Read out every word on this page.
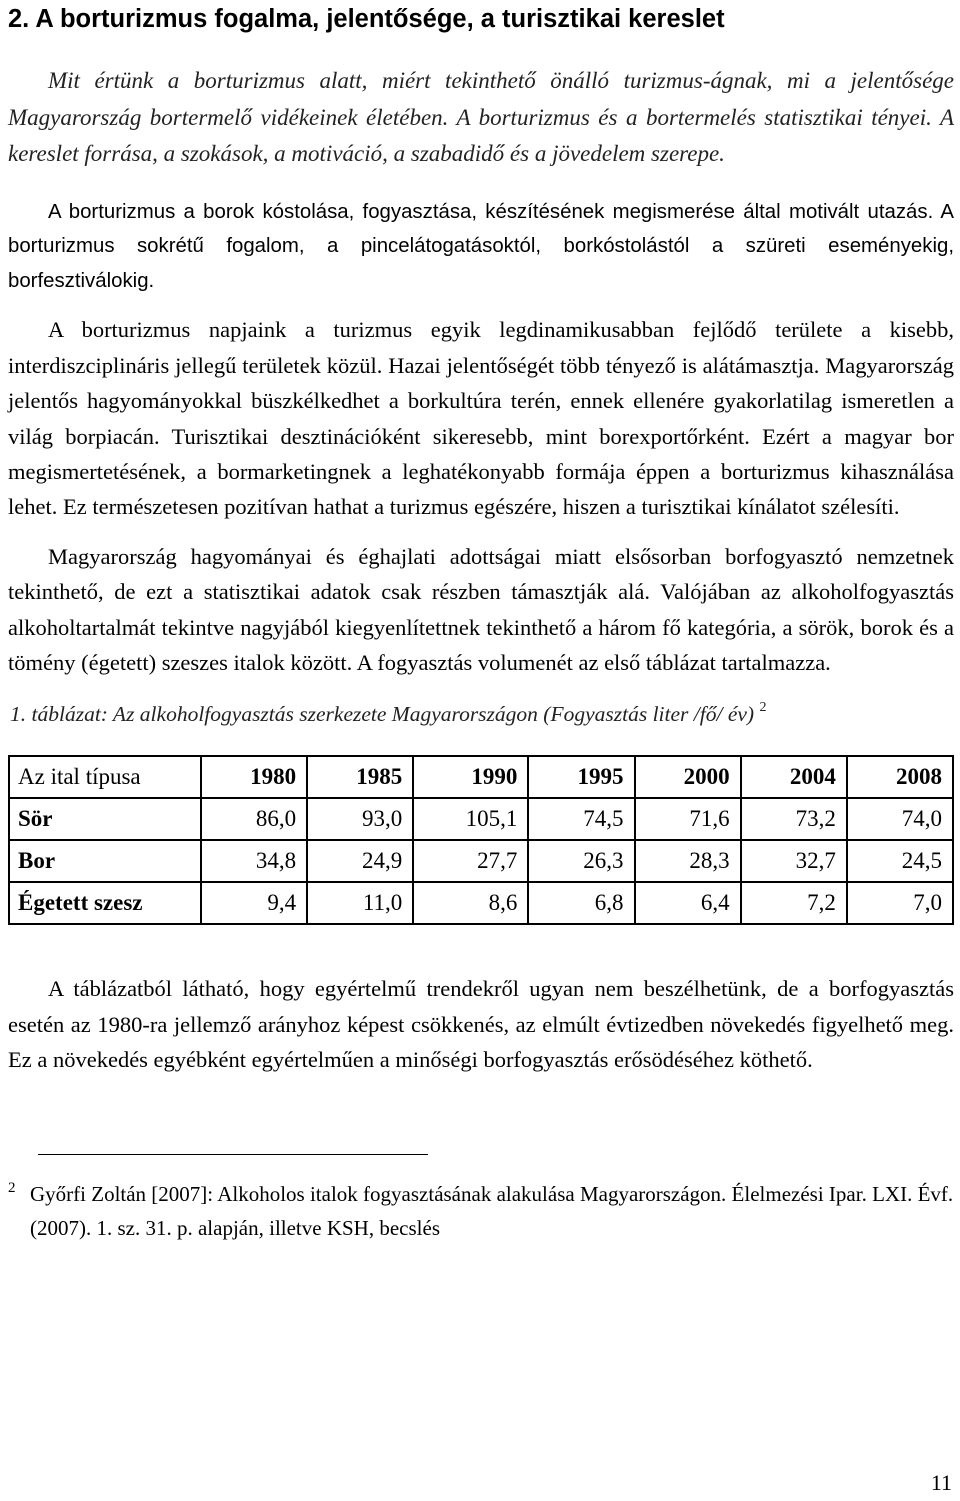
2. A borturizmus fogalma, jelentősége, a turisztikai kereslet

Mit értünk a borturizmus alatt, miért tekinthető önálló turizmus-ágnak, mi a jelentősége Magyarország bortermelő vidékeinek életében. A borturizmus és a bortermelés statisztikai tényei. A kereslet forrása, a szokások, a motiváció, a szabadidő és a jövedelem szerepe.

A borturizmus a borok kóstolása, fogyasztása, készítésének megismerése által motivált utazás. A borturizmus sokrétű fogalom, a pincelátogatásoktól, borkóstolástól a szüreti eseményekig, borfesztiválokig.

A borturizmus napjaink a turizmus egyik legdinamikusabban fejlődő területe a kisebb, interdiszciplináris jellegű területek közül. Hazai jelentőségét több tényező is alátámasztja. Magyarország jelentős hagyományokkal büszkélkedhet a borkultúra terén, ennek ellenére gyakorlatilag ismeretlen a világ borpiacán. Turisztikai desztinációként sikeresebb, mint borexportőrként. Ezért a magyar bor megismertetésének, a bormarketingnek a leghatékonyabb formája éppen a borturizmus kihasználása lehet. Ez természetesen pozitívan hathat a turizmus egészére, hiszen a turisztikai kínálatot szélesíti.

Magyarország hagyományai és éghajlati adottságai miatt elsősorban borfogyasztó nemzetnek tekinthető, de ezt a statisztikai adatok csak részben támasztják alá. Valójában az alkoholfogyasztás alkoholtartalmát tekintve nagyjából kiegyenlítettnek tekinthető a három fő kategória, a sörök, borok és a tömény (égetett) szeszes italok között. A fogyasztás volumenét az első táblázat tartalmazza.

1. táblázat: Az alkoholfogyasztás szerkezete Magyarországon (Fogyasztás liter /fő/ év) $^2$

Az ital típusa	1980	1985	1990	1995	2000	2004	2008
Sör	86,0	93,0	105,1	74,5	71,6	73,2	74,0
Bor	34,8	24,9	27,7	26,3	28,3	32,7	24,5
Égetett szesz	9,4	11,0	8,6	6,8	6,4	7,2	7,0

A táblázatból látható, hogy egyértelmű trendekről ugyan nem beszélhetünk, de a borfogyasztás esetén az 1980-ra jellemző arányhoz képest csökkenés, az elmúlt évtizedben növekedés figyelhető meg. Ez a növekedés egyébként egyértelműen a minőségi borfogyasztás erősödéséhez köthető.

2 Győrfi Zoltán [2007]: Alkoholos italok fogyasztásának alakulása Magyarországon. Élelmezési Ipar. LXI. Évf. (2007). 1. sz. 31. p. alapján, illetve KSH, becslés

11
